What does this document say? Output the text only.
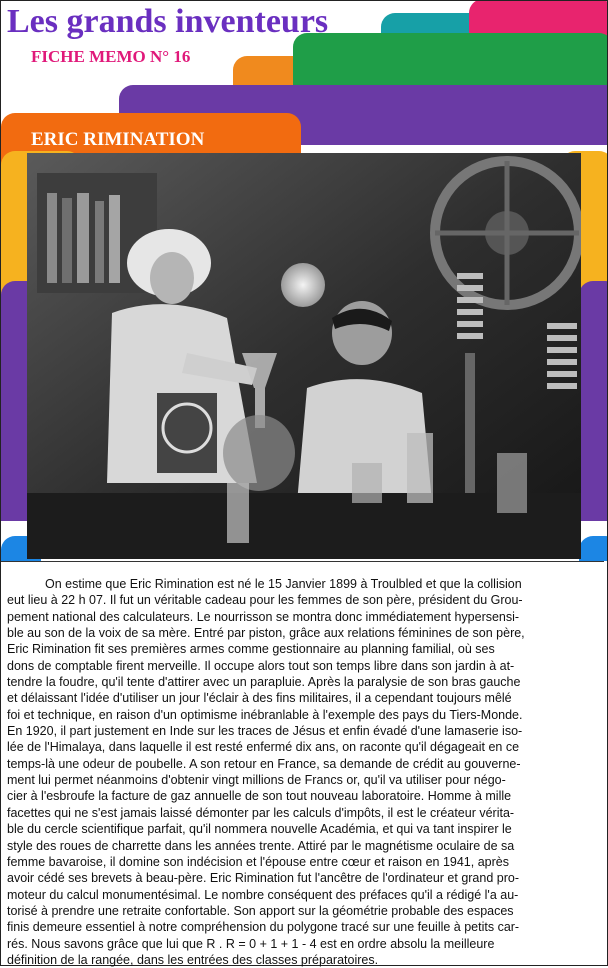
Les grands inventeurs
FICHE MEMO N° 16
ERIC RIMINATION
On estime que Eric Rimination est né le 15 Janvier 1899 à Troulbled et que la collision
eut lieu à 22 h 07. Il fut un véritable cadeau pour les femmes de son père, président du Grou-
pement national des calculateurs. Le nourrisson se montra donc immédiatement hypersensi-
ble au son de la voix de sa mère. Entré par piston, grâce aux relations féminines de son père,
Eric Rimination fit ses premières armes comme gestionnaire au planning familial, où ses
dons de comptable firent merveille. Il occupe alors tout son temps libre dans son jardin à at-
tendre la foudre, qu'il tente d'attirer avec un parapluie. Après la paralysie de son bras gauche
et délaissant l'idée d'utiliser un jour l'éclair à des fins militaires, il a cependant toujours mêlé
foi et technique, en raison d'un optimisme inébranlable à l'exemple des pays du Tiers-Monde.
En 1920, il part justement en Inde sur les traces de Jésus et enfin évadé d'une lamaserie iso-
lée de l'Himalaya, dans laquelle il est resté enfermé dix ans, on raconte qu'il dégageait en ce
temps-là une odeur de poubelle. A son retour en France, sa demande de crédit au gouverne-
ment lui permet néanmoins d'obtenir vingt millions de Francs or, qu'il va utiliser pour négo-
cier à l'esbroufe la facture de gaz annuelle de son tout nouveau laboratoire. Homme à mille
facettes qui ne s'est jamais laissé démonter par les calculs d'impôts, il est le créateur vérita-
ble du cercle scientifique parfait, qu'il nommera nouvelle Académia, et qui va tant inspirer le
style des roues de charrette dans les années trente. Attiré par le magnétisme oculaire de sa
femme bavaroise, il domine son indécision et l'épouse entre cœur et raison en 1941, après
avoir cédé ses brevets à beau-père. Eric Rimination fut l'ancêtre de l'ordinateur et grand pro-
moteur du calcul monumentésimal. Le nombre conséquent des préfaces qu'il a rédigé l'a au-
torisé à prendre une retraite confortable. Son apport sur la géométrie probable des espaces
finis demeure essentiel à notre compréhension du polygone tracé sur une feuille à petits car-
rés. Nous savons grâce que lui que R . R = 0 + 1 + 1 - 4 est en ordre absolu la meilleure
définition de la rangée, dans les entrées des classes préparatoires.
